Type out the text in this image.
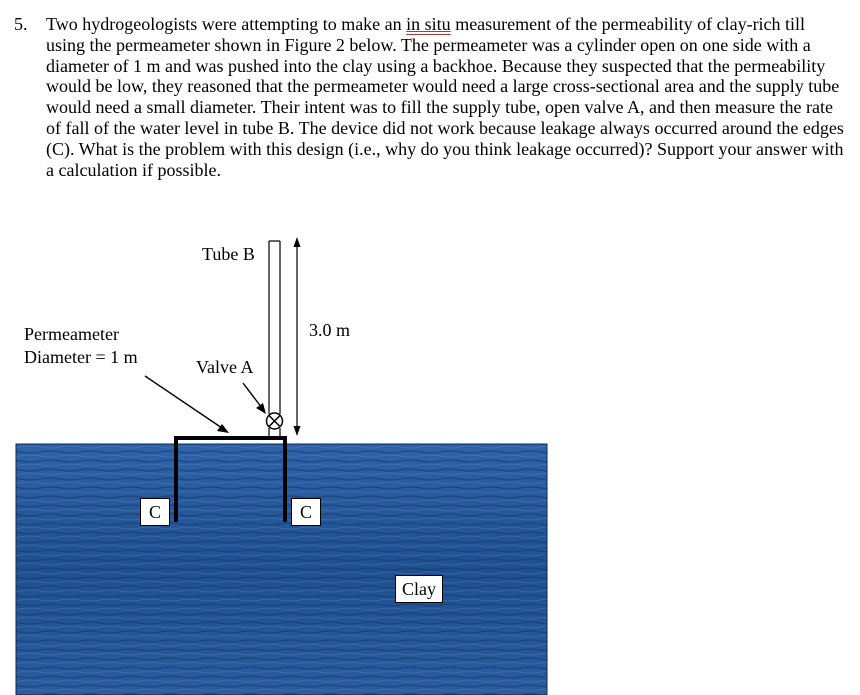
5. Two hydrogeologists were attempting to make an in situ measurement of the permeability of clay-rich till using the permeameter shown in Figure 2 below. The permeameter was a cylinder open on one side with a diameter of 1 m and was pushed into the clay using a backhoe. Because they suspected that the permeability would be low, they reasoned that the permeameter would need a large cross-sectional area and the supply tube would need a small diameter. Their intent was to fill the supply tube, open valve A, and then measure the rate of fall of the water level in tube B. The device did not work because leakage always occurred around the edges (C). What is the problem with this design (i.e., why do you think leakage occurred)? Support your answer with a calculation if possible.
Tube B
3.0 m
Permeameter
Diameter = 1 m	Valve A
C	C
Clay
